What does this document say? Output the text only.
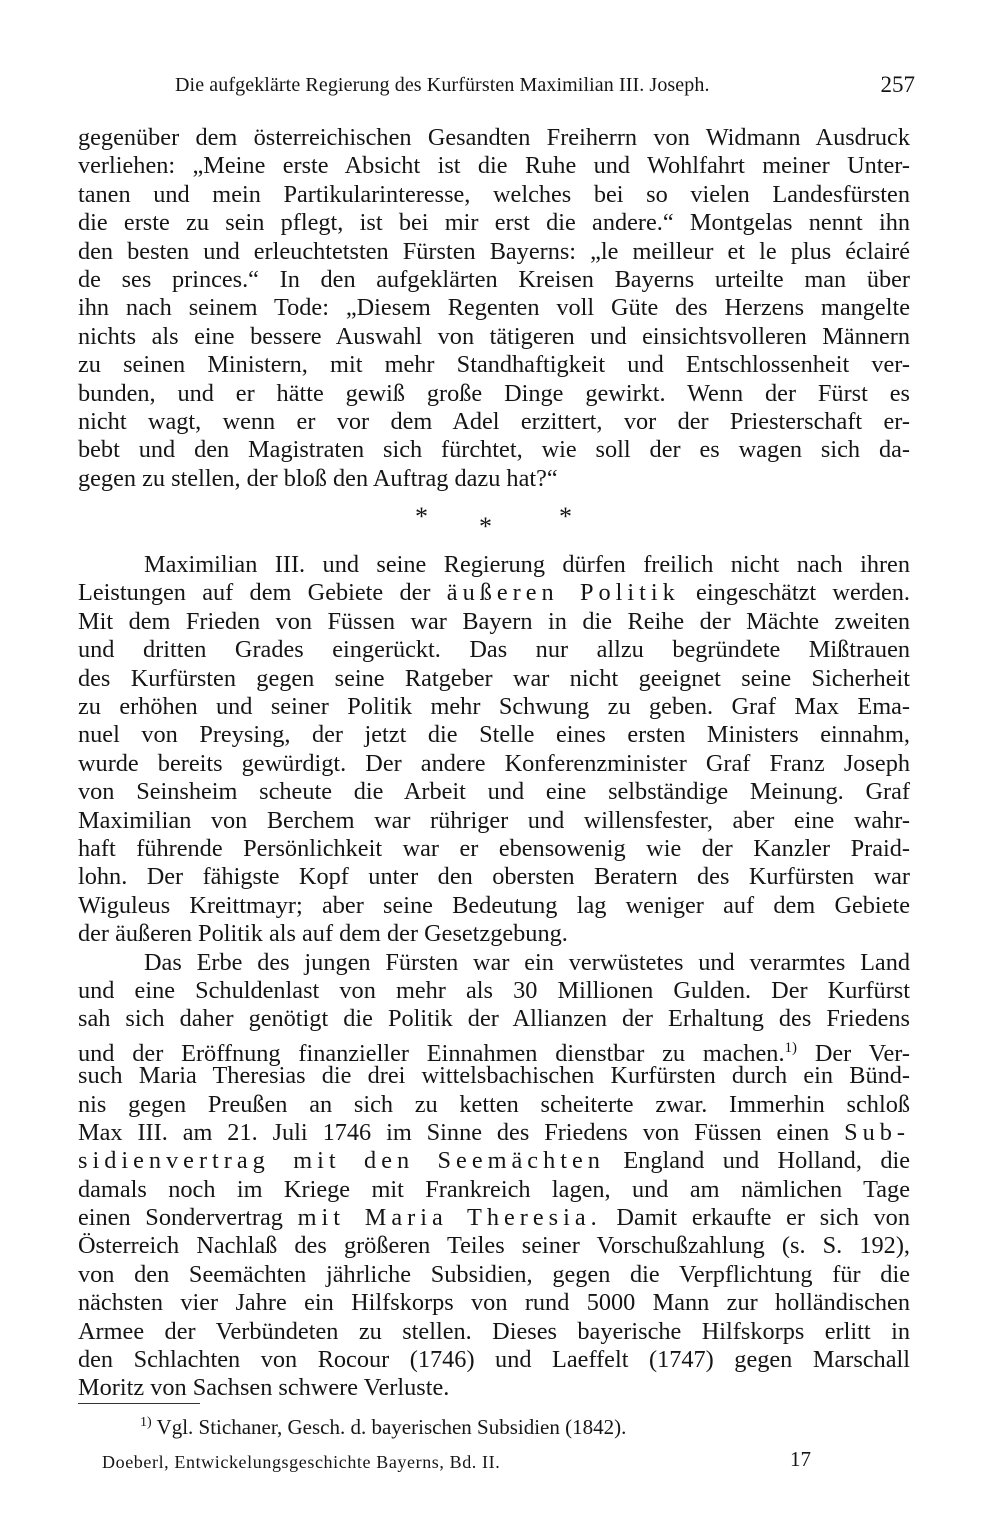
Die aufgeklärte Regierung des Kurfürsten Maximilian III. Joseph.	257
gegenüber dem österreichischen Gesandten Freiherrn von Widmann Ausdruck
verliehen: „Meine erste Absicht ist die Ruhe und Wohlfahrt meiner Unter-
tanen und mein Partikularinteresse, welches bei so vielen Landesfürsten
die erste zu sein pflegt, ist bei mir erst die andere.“ Montgelas nennt ihn
den besten und erleuchtetsten Fürsten Bayerns: „le meilleur et le plus éclairé
de ses princes.“ In den aufgeklärten Kreisen Bayerns urteilte man über
ihn nach seinem Tode: „Diesem Regenten voll Güte des Herzens mangelte
nichts als eine bessere Auswahl von tätigeren und einsichtsvolleren Männern
zu seinen Ministern, mit mehr Standhaftigkeit und Entschlossenheit ver-
bunden, und er hätte gewiß große Dinge gewirkt. Wenn der Fürst es
nicht wagt, wenn er vor dem Adel erzittert, vor der Priesterschaft er-
bebt und den Magistraten sich fürchtet, wie soll der es wagen sich da-
gegen zu stellen, der bloß den Auftrag dazu hat?“
Maximilian III. und seine Regierung dürfen freilich nicht nach ihren
Leistungen auf dem Gebiete der äußeren Politik eingeschätzt werden.
Mit dem Frieden von Füssen war Bayern in die Reihe der Mächte zweiten
und dritten Grades eingerückt. Das nur allzu begründete Mißtrauen
des Kurfürsten gegen seine Ratgeber war nicht geeignet seine Sicherheit
zu erhöhen und seiner Politik mehr Schwung zu geben. Graf Max Ema-
nuel von Preysing, der jetzt die Stelle eines ersten Ministers einnahm,
wurde bereits gewürdigt. Der andere Konferenzminister Graf Franz Joseph
von Seinsheim scheute die Arbeit und eine selbständige Meinung. Graf
Maximilian von Berchem war rühriger und willensfester, aber eine wahr-
haft führende Persönlichkeit war er ebensowenig wie der Kanzler Praid-
lohn. Der fähigste Kopf unter den obersten Beratern des Kurfürsten war
Wiguleus Kreittmayr; aber seine Bedeutung lag weniger auf dem Gebiete
der äußeren Politik als auf dem der Gesetzgebung.
Das Erbe des jungen Fürsten war ein verwüstetes und verarmtes Land
und eine Schuldenlast von mehr als 30 Millionen Gulden. Der Kurfürst
sah sich daher genötigt die Politik der Allianzen der Erhaltung des Friedens
und der Eröffnung finanzieller Einnahmen dienstbar zu machen.$^{1)}$ Der Ver-
such Maria Theresias die drei wittelsbachischen Kurfürsten durch ein Bünd-
nis gegen Preußen an sich zu ketten scheiterte zwar. Immerhin schloß
Max III. am 21. Juli 1746 im Sinne des Friedens von Füssen einen Sub-
sidienvertrag mit den Seemächten England und Holland, die
damals noch im Kriege mit Frankreich lagen, und am nämlichen Tage
einen Sondervertrag mit Maria Theresia. Damit erkaufte er sich von
Österreich Nachlaß des größeren Teiles seiner Vorschußzahlung (s. S. 192),
von den Seemächten jährliche Subsidien, gegen die Verpflichtung für die
nächsten vier Jahre ein Hilfskorps von rund 5000 Mann zur holländischen
Armee der Verbündeten zu stellen. Dieses bayerische Hilfskorps erlitt in
den Schlachten von Rocour (1746) und Laeffelt (1747) gegen Marschall
Moritz von Sachsen schwere Verluste.
* *	*
$^{1)}$ Vgl. Stichaner, Gesch. d. bayerischen Subsidien (1842).
Doeberl, Entwickelungsgeschichte Bayerns, Bd. II.	17
